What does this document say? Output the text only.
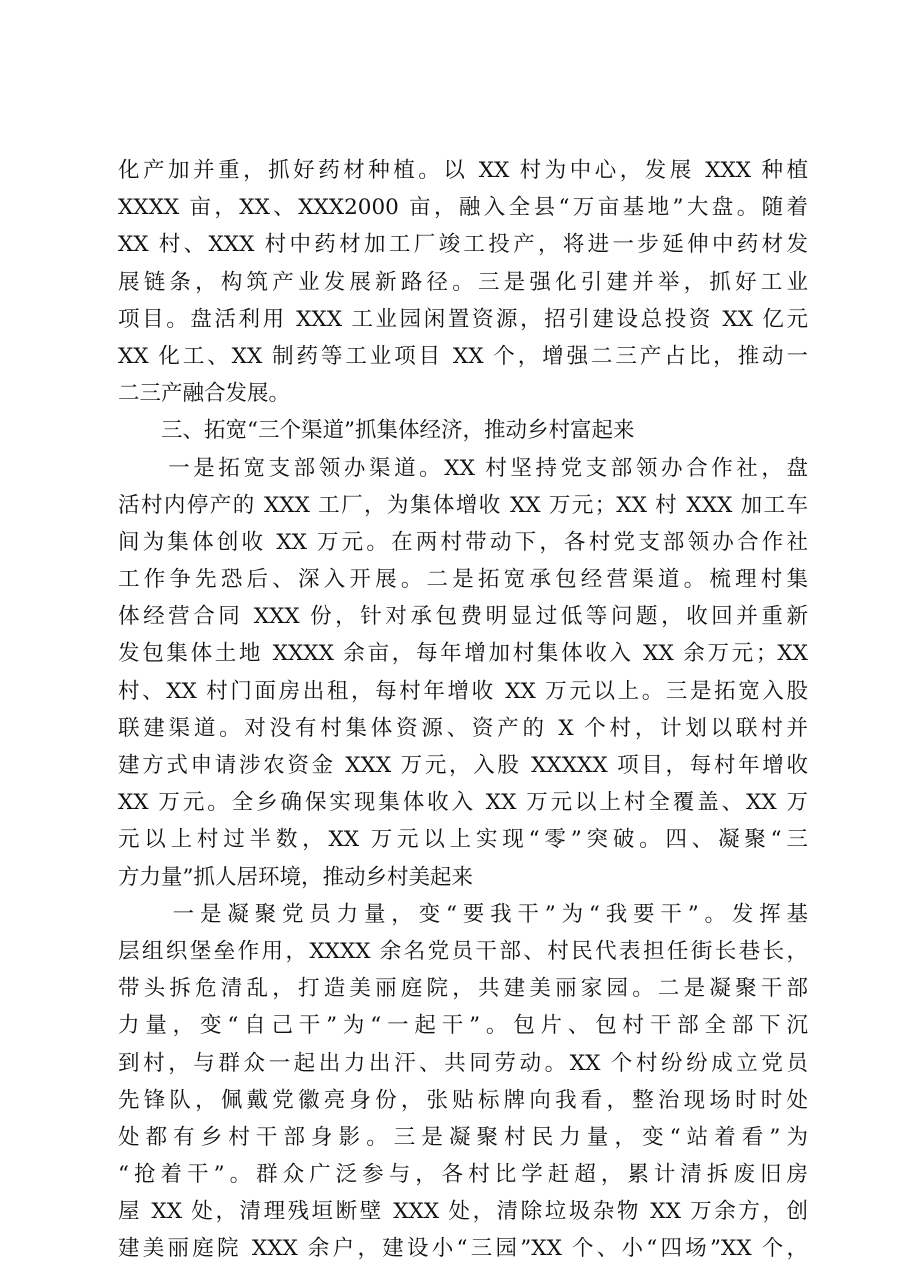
化产加并重，抓好药材种植。以 XX 村为中心，发展 XXX 种植
XXXX 亩，XX、XXX2000 亩，融入全县“万亩基地”大盘。随着
XX 村、XXX 村中药材加工厂竣工投产，将进一步延伸中药材发
展链条，构筑产业发展新路径。三是强化引建并举，抓好工业
项目。盘活利用 XXX 工业园闲置资源，招引建设总投资 XX 亿元
XX 化工、XX 制药等工业项目 XX 个，增强二三产占比，推动一
二三产融合发展。
　　三、拓宽“三个渠道”抓集体经济，推动乡村富起来
　　一是拓宽支部领办渠道。XX 村坚持党支部领办合作社，盘
活村内停产的 XXX 工厂，为集体增收 XX 万元；XX 村 XXX 加工车
间为集体创收 XX 万元。在两村带动下，各村党支部领办合作社
工作争先恐后、深入开展。二是拓宽承包经营渠道。梳理村集
体经营合同 XXX 份，针对承包费明显过低等问题，收回并重新
发包集体土地 XXXX 余亩，每年增加村集体收入 XX 余万元；XX
村、XX 村门面房出租，每村年增收 XX 万元以上。三是拓宽入股
联建渠道。对没有村集体资源、资产的 X 个村，计划以联村并
建方式申请涉农资金 XXX 万元，入股 XXXXX 项目，每村年增收
XX 万元。全乡确保实现集体收入 XX 万元以上村全覆盖、XX 万
元以上村过半数，XX 万元以上实现“零”突破。四、凝聚“三
方力量”抓人居环境，推动乡村美起来
　　一是凝聚党员力量，变“要我干”为“我要干”。发挥基
层组织堡垒作用，XXXX 余名党员干部、村民代表担任街长巷长，
带头拆危清乱，打造美丽庭院，共建美丽家园。二是凝聚干部
力量，变“自己干”为“一起干”。包片、包村干部全部下沉
到村，与群众一起出力出汗、共同劳动。XX 个村纷纷成立党员
先锋队，佩戴党徽亮身份，张贴标牌向我看，整治现场时时处
处都有乡村干部身影。三是凝聚村民力量，变“站着看”为
“抢着干”。群众广泛参与，各村比学赶超，累计清拆废旧房
屋 XX 处，清理残垣断壁 XXX 处，清除垃圾杂物 XX 万余方，创
建美丽庭院 XXX 余户，建设小“三园”XX 个、小“四场”XX 个，
